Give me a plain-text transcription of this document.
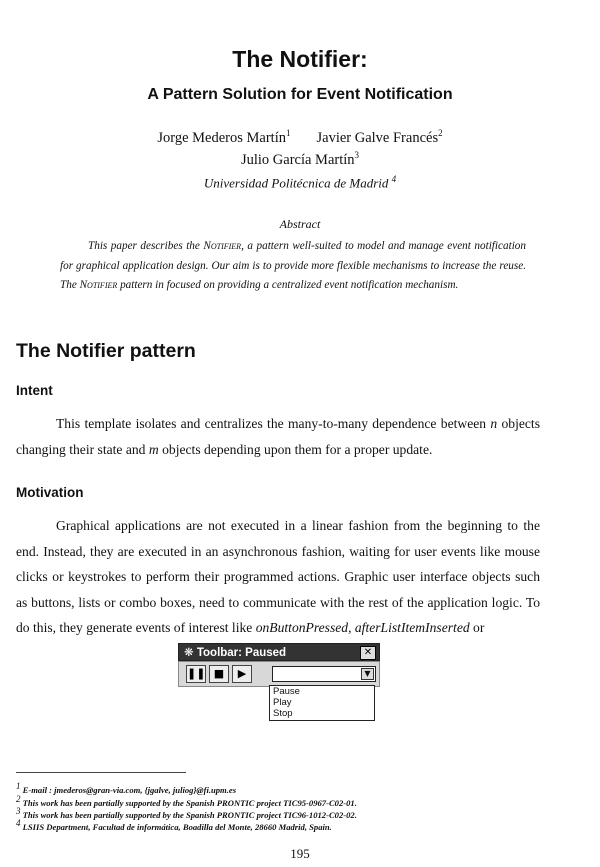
The Notifier:
A Pattern Solution for Event Notification
Jorge Mederos Martín$^1$ Javier Galve Francés$^2$
Julio García Martín$^3$
Universidad Politécnica de Madrid $^4$
Abstract
This paper describes the Notifier, a pattern well-suited to model and manage event notification for graphical application design. Our aim is to provide more flexible mechanisms to increase the reuse. The Notifier pattern in focused on providing a centralized event notification mechanism.
The Notifier pattern
Intent
This template isolates and centralizes the many-to-many dependence between n objects changing their state and m objects depending upon them for a proper update.
Motivation
Graphical applications are not executed in a linear fashion from the beginning to the end. Instead, they are executed in an asynchronous fashion, waiting for user events like mouse clicks or keystrokes to perform their programmed actions. Graphic user interface objects such as buttons, lists or combo boxes, need to communicate with the rest of the application logic. To do this, they generate events of interest like onButtonPressed, afterListItemInserted or
❋ Toolbar: Paused	✕
❚❚ ■	▶	▼
Pause
Play
Stop
$^1$ E-mail : jmederos@gran-via.com, {jgalve, juliog}@fi.upm.es
$^2$ This work has been partially supported by the Spanish PRONTIC project TIC95-0967-C02-01.
$^3$ This work has been partially supported by the Spanish PRONTIC project TIC96-1012-C02-02.
$^4$ LSIIS Department, Facultad de informática, Boadilla del Monte, 28660 Madrid, Spain.
195
